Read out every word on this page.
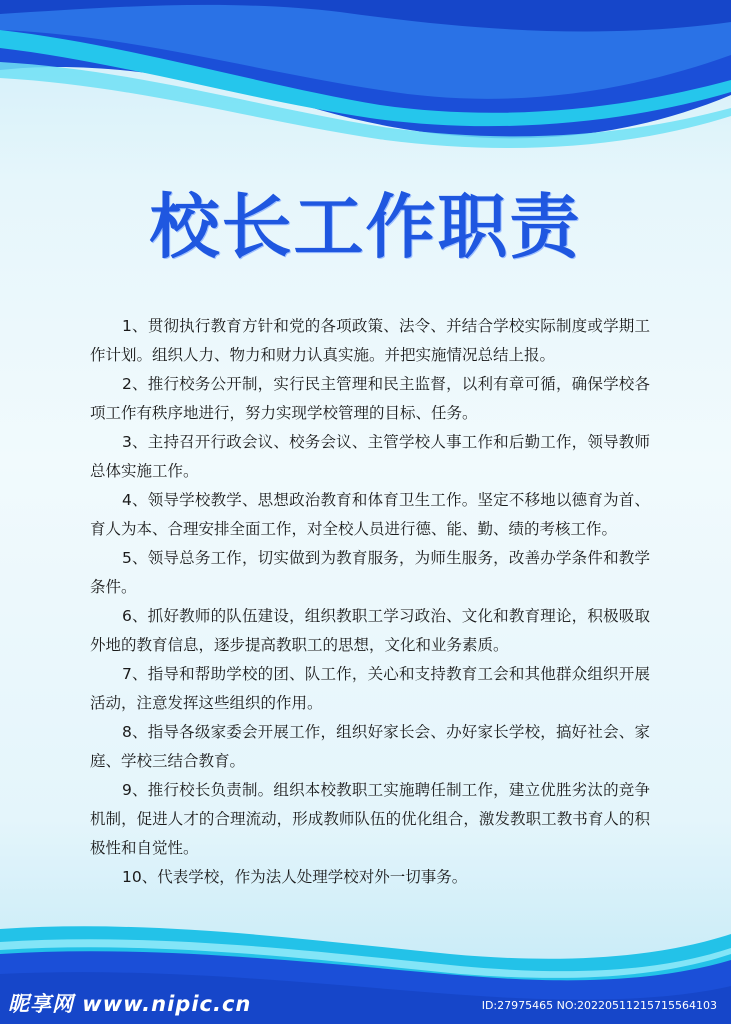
校长工作职责

1、贯彻执行教育方针和党的各项政策、法令、并结合学校实际制度或学期工作计划。组织人力、物力和财力认真实施。并把实施情况总结上报。

2、推行校务公开制，实行民主管理和民主监督，以利有章可循，确保学校各项工作有秩序地进行，努力实现学校管理的目标、任务。

3、主持召开行政会议、校务会议、主管学校人事工作和后勤工作，领导教师总体实施工作。

4、领导学校教学、思想政治教育和体育卫生工作。坚定不移地以德育为首、育人为本、合理安排全面工作，对全校人员进行德、能、勤、绩的考核工作。

5、领导总务工作，切实做到为教育服务，为师生服务，改善办学条件和教学条件。

6、抓好教师的队伍建设，组织教职工学习政治、文化和教育理论，积极吸取外地的教育信息，逐步提高教职工的思想，文化和业务素质。

7、指导和帮助学校的团、队工作，关心和支持教育工会和其他群众组织开展活动，注意发挥这些组织的作用。

8、指导各级家委会开展工作，组织好家长会、办好家长学校，搞好社会、家庭、学校三结合教育。

9、推行校长负责制。组织本校教职工实施聘任制工作，建立优胜劣汰的竞争机制，促进人才的合理流动，形成教师队伍的优化组合，激发教职工教书育人的积极性和自觉性。

10、代表学校，作为法人处理学校对外一切事务。

昵享网 www.nipic.cn	ID:27975465 NO:20220511215715564103
